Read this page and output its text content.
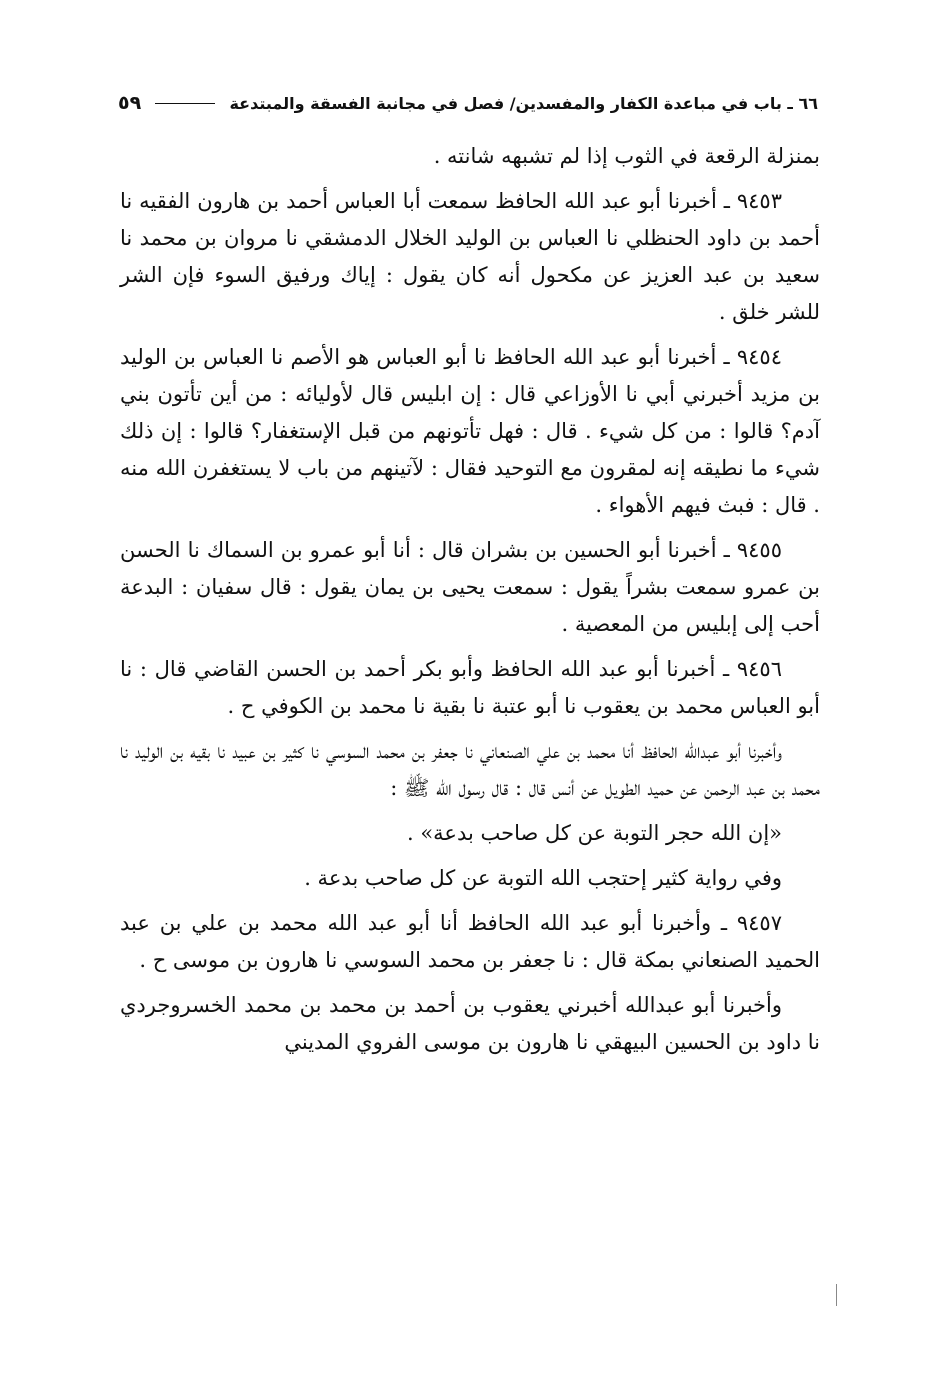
٦٦ ـ باب في مباعدة الكفار والمفسدين/ فصل في مجانبة الفسقة والمبتدعة
٥٩

بمنزلة الرقعة في الثوب إذا لم تشبهه شانته .

٩٤٥٣ ـ أخبرنا أبو عبد الله الحافظ سمعت أبا العباس أحمد بن هارون الفقيه نا أحمد بن داود الحنظلي نا العباس بن الوليد الخلال الدمشقي نا مروان بن محمد نا سعيد بن عبد العزيز عن مكحول أنه كان يقول : إياك ورفيق السوء فإن الشر للشر خلق .

٩٤٥٤ ـ أخبرنا أبو عبد الله الحافظ نا أبو العباس هو الأصم نا العباس بن الوليد بن مزيد أخبرني أبي نا الأوزاعي قال : إن ابليس قال لأوليائه : من أين تأتون بني آدم؟ قالوا : من كل شيء . قال : فهل تأتونهم من قبل الإستغفار؟ قالوا : إن ذلك شيء ما نطيقه إنه لمقرون مع التوحيد فقال : لآتينهم من باب لا يستغفرن الله منه . قال : فبث فيهم الأهواء .

٩٤٥٥ ـ أخبرنا أبو الحسين بن بشران قال : أنا أبو عمرو بن السماك نا الحسن بن عمرو سمعت بشراً يقول : سمعت يحيى بن يمان يقول : قال سفيان : البدعة أحب إلى إبليس من المعصية .

٩٤٥٦ ـ أخبرنا أبو عبد الله الحافظ وأبو بكر أحمد بن الحسن القاضي قال : نا أبو العباس محمد بن يعقوب نا أبو عتبة نا بقية نا محمد بن الكوفي ح .

وأخبرنا أبو عبدالله الحافظ أنا محمد بن علي الصنعاني نا جعفر بن محمد السوسي نا كثير بن عبيد نا بقيه بن الوليد نا محمد بن عبد الرحمن عن حميد الطويل عن أنس قال : قال رسول الله ﷺ :

«إن الله حجر التوبة عن كل صاحب بدعة» .

وفي رواية كثير إحتجب الله التوبة عن كل صاحب بدعة .

٩٤٥٧ ـ وأخبرنا أبو عبد الله الحافظ أنا أبو عبد الله محمد بن علي بن عبد الحميد الصنعاني بمكة قال : نا جعفر بن محمد السوسي نا هارون بن موسى ح .

وأخبرنا أبو عبدالله أخبرني يعقوب بن أحمد بن محمد بن محمد الخسروجردي نا داود بن الحسين البيهقي نا هارون بن موسى الفروي المديني
